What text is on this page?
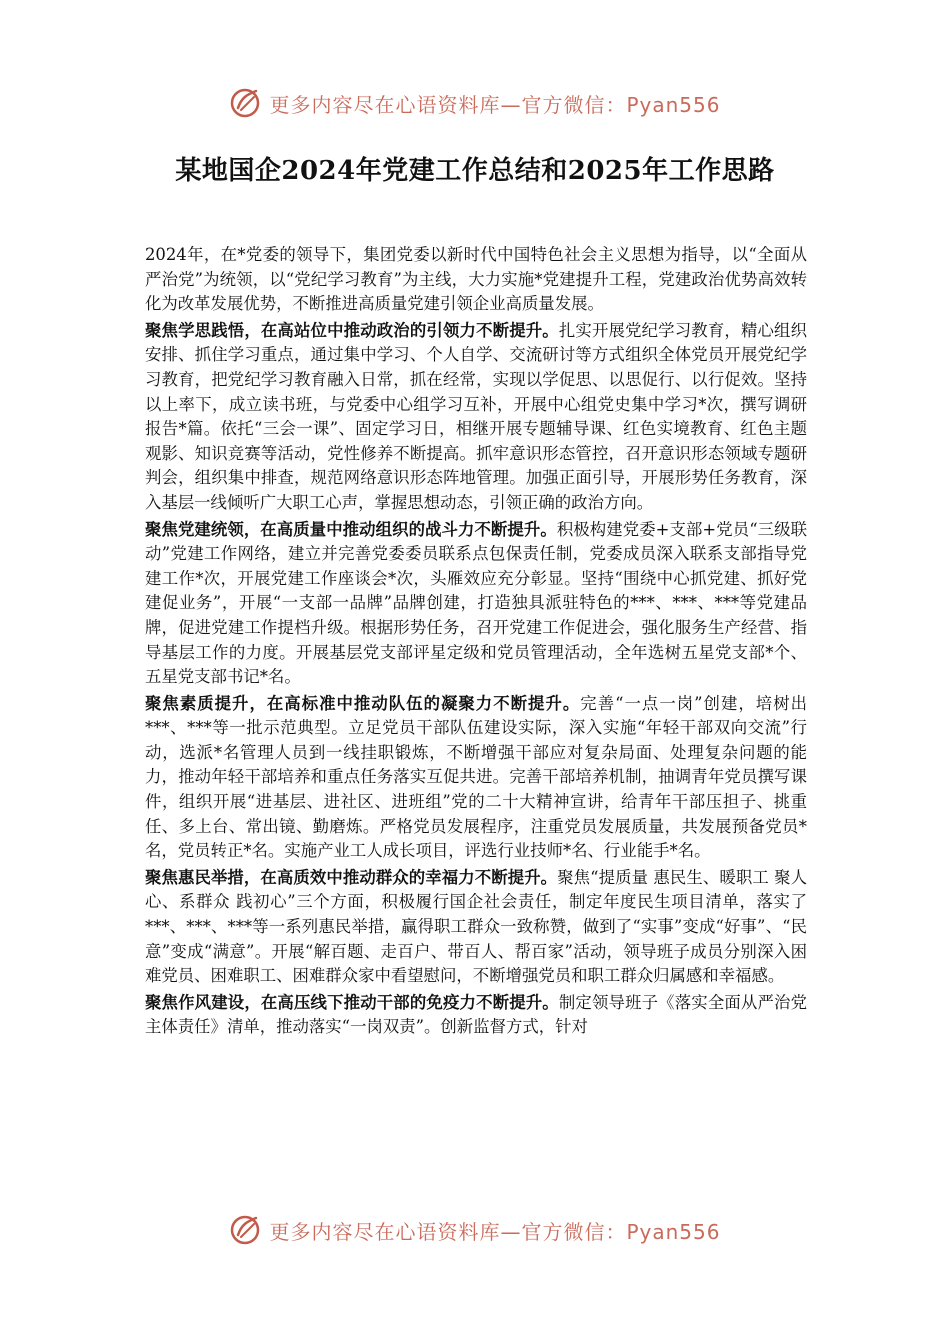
更多内容尽在心语资料库—官方微信：Pyan556
某地国企2024年党建工作总结和2025年工作思路

2024年，在*党委的领导下，集团党委以新时代中国特色社会主义思想为指导，以“全面从严治党”为统领，以“党纪学习教育”为主线，大力实施*党建提升工程，党建政治优势高效转化为改革发展优势，不断推进高质量党建引领企业高质量发展。

聚焦学思践悟，在高站位中推动政治的引领力不断提升。扎实开展党纪学习教育，精心组织安排、抓住学习重点，通过集中学习、个人自学、交流研讨等方式组织全体党员开展党纪学习教育，把党纪学习教育融入日常，抓在经常，实现以学促思、以思促行、以行促效。坚持以上率下，成立读书班，与党委中心组学习互补，开展中心组党史集中学习*次，撰写调研报告*篇。依托“三会一课”、固定学习日，相继开展专题辅导课、红色实境教育、红色主题观影、知识竞赛等活动，党性修养不断提高。抓牢意识形态管控，召开意识形态领域专题研判会，组织集中排查，规范网络意识形态阵地管理。加强正面引导，开展形势任务教育，深入基层一线倾听广大职工心声，掌握思想动态，引领正确的政治方向。

聚焦党建统领，在高质量中推动组织的战斗力不断提升。积极构建党委+支部+党员“三级联动”党建工作网络，建立并完善党委委员联系点包保责任制，党委成员深入联系支部指导党建工作*次，开展党建工作座谈会*次，头雁效应充分彰显。坚持“围绕中心抓党建、抓好党建促业务”，开展“一支部一品牌”品牌创建，打造独具派驻特色的***、***、***等党建品牌，促进党建工作提档升级。根据形势任务，召开党建工作促进会，强化服务生产经营、指导基层工作的力度。开展基层党支部评星定级和党员管理活动，全年选树五星党支部*个、五星党支部书记*名。

聚焦素质提升，在高标准中推动队伍的凝聚力不断提升。完善“一点一岗”创建，培树出***、***等一批示范典型。立足党员干部队伍建设实际，深入实施“年轻干部双向交流”行动，选派*名管理人员到一线挂职锻炼，不断增强干部应对复杂局面、处理复杂问题的能力，推动年轻干部培养和重点任务落实互促共进。完善干部培养机制，抽调青年党员撰写课件，组织开展“进基层、进社区、进班组”党的二十大精神宣讲，给青年干部压担子、挑重任、多上台、常出镜、勤磨炼。严格党员发展程序，注重党员发展质量，共发展预备党员*名，党员转正*名。实施产业工人成长项目，评选行业技师*名、行业能手*名。

聚焦惠民举措，在高质效中推动群众的幸福力不断提升。聚焦“提质量 惠民生、暖职工 聚人心、系群众 践初心”三个方面，积极履行国企社会责任，制定年度民生项目清单，落实了***、***、***等一系列惠民举措，赢得职工群众一致称赞，做到了“实事”变成“好事”、“民意”变成“满意”。开展“解百题、走百户、带百人、帮百家”活动，领导班子成员分别深入困难党员、困难职工、困难群众家中看望慰问，不断增强党员和职工群众归属感和幸福感。

聚焦作风建设，在高压线下推动干部的免疫力不断提升。制定领导班子《落实全面从严治党主体责任》清单，推动落实“一岗双责”。创新监督方式，针对

更多内容尽在心语资料库—官方微信：Pyan556
